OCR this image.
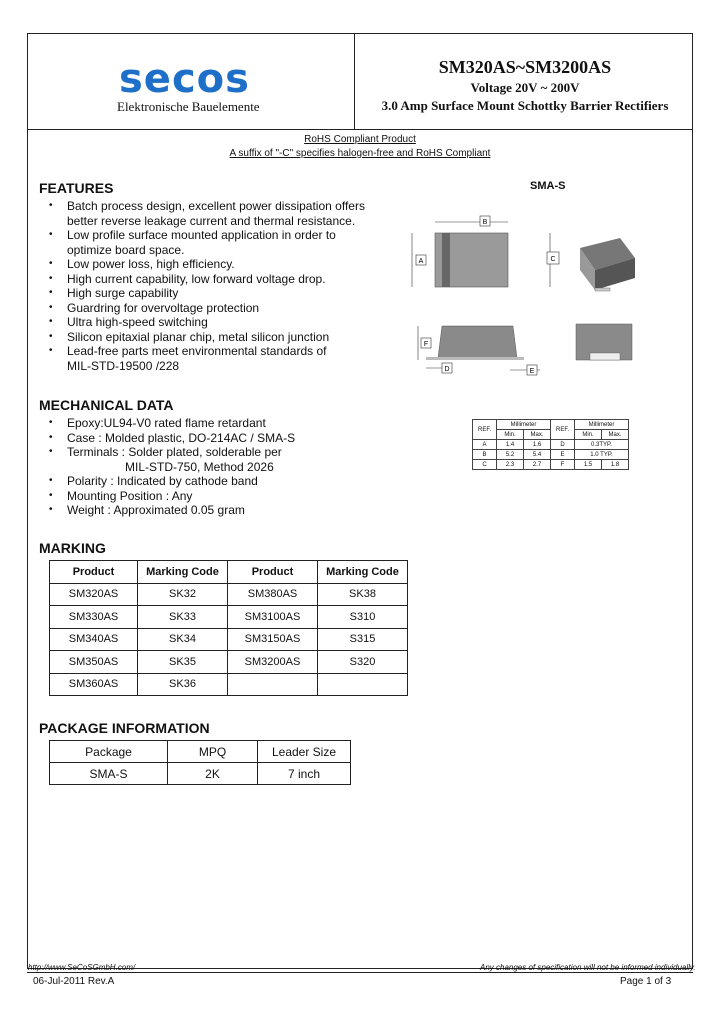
secos
Elektronische Bauelemente
SM320AS~SM3200AS
Voltage 20V ~ 200V
3.0 Amp Surface Mount Schottky Barrier Rectifiers
RoHS Compliant Product
A suffix of "-C" specifies halogen-free and RoHS Compliant
FEATURES
• Batch process design, excellent power dissipation offers
better reverse leakage current and thermal resistance.
• Low profile surface mounted application in order to
optimize board space.
• Low power loss, high efficiency.
• High current capability, low forward voltage drop.
• High surge capability
• Guardring for overvoltage protection
• Ultra high-speed switching
• Silicon epitaxial planar chip, metal silicon junction
• Lead-free parts meet environmental standards of
MIL-STD-19500 /228
SMA-S
B
A	C
F
D	E
MECHANICAL DATA
• Epoxy:UL94-V0 rated flame retardant
• Case : Molded plastic, DO-214AC / SMA-S
• Terminals : Solder plated, solderable per
MIL-STD-750, Method 2026
• Polarity : Indicated by cathode band
• Mounting Position : Any
• Weight : Approximated 0.05 gram
REF.	Millimeter		REF.	Millimeter	
	Min.	Max.		Min.	Max.
A	1.4	1.6	D	0.3TYP.	
B	5.2	5.4	E	1.0 TYP.	
C	2.3	2.7	F	1.5	1.8
MARKING
Product	Marking Code	Product	Marking Code
SM320AS	SK32	SM380AS	SK38
SM330AS	SK33	SM3100AS	S310
SM340AS	SK34	SM3150AS	S315
SM350AS	SK35	SM3200AS	S320
SM360AS	SK36		
PACKAGE INFORMATION
Package	MPQ	Leader Size
SMA-S	2K	7 inch
http://www.SeCoSGmbH.com/	Any changes of specification will not be informed individually.
06-Jul-2011 Rev.A	Page 1 of 3
